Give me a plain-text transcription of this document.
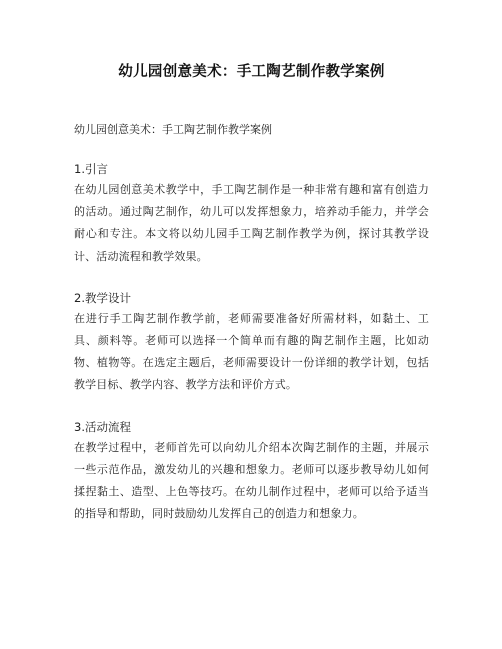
幼儿园创意美术：手工陶艺制作教学案例
幼儿园创意美术：手工陶艺制作教学案例
1.引言

在幼儿园创意美术教学中，手工陶艺制作是一种非常有趣和富有创造力的活动。通过陶艺制作，幼儿可以发挥想象力，培养动手能力，并学会耐心和专注。本文将以幼儿园手工陶艺制作教学为例，探讨其教学设计、活动流程和教学效果。

2.教学设计

在进行手工陶艺制作教学前，老师需要准备好所需材料，如黏土、工具、颜料等。老师可以选择一个简单而有趣的陶艺制作主题，比如动物、植物等。在选定主题后，老师需要设计一份详细的教学计划，包括教学目标、教学内容、教学方法和评价方式。

3.活动流程

在教学过程中，老师首先可以向幼儿介绍本次陶艺制作的主题，并展示一些示范作品，激发幼儿的兴趣和想象力。老师可以逐步教导幼儿如何揉捏黏土、造型、上色等技巧。在幼儿制作过程中，老师可以给予适当的指导和帮助，同时鼓励幼儿发挥自己的创造力和想象力。
